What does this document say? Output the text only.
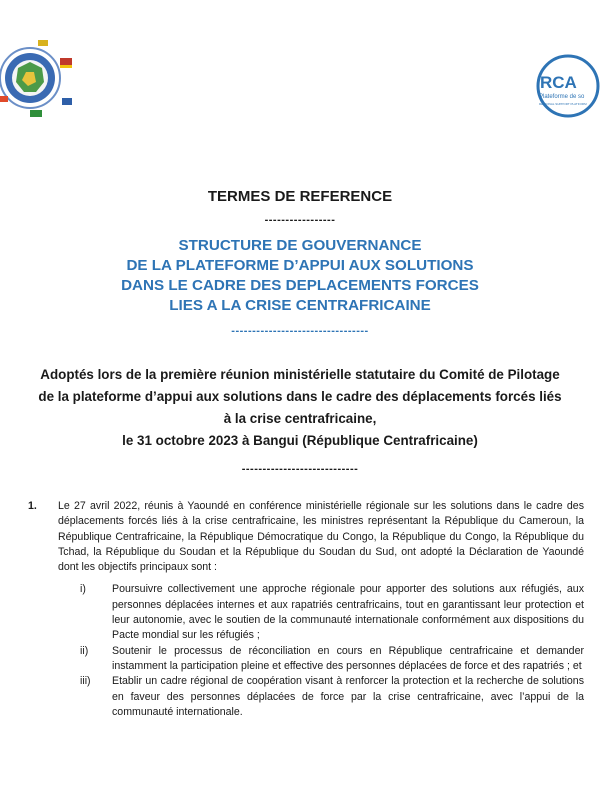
RCA
Plateforme de so
REGIONAL SUPPORT PLATFORM
TERMES DE REFERENCE
-----------------
STRUCTURE DE GOUVERNANCE
DE LA PLATEFORME D’APPUI AUX SOLUTIONS
DANS LE CADRE DES DEPLACEMENTS FORCES
LIES A LA CRISE CENTRAFRICAINE
---------------------------------
Adoptés lors de la première réunion ministérielle statutaire du Comité de Pilotage
de la plateforme d’appui aux solutions dans le cadre des déplacements forcés liés
à la crise centrafricaine,
le 31 octobre 2023 à Bangui (République Centrafricaine)
----------------------------
1.	Le 27 avril 2022, réunis à Yaoundé en conférence ministérielle régionale sur les solutions dans le cadre des déplacements forcés liés à la crise centrafricaine, les ministres représentant la République du Cameroun, la République Centrafricaine, la République Démocratique du Congo, la République du Congo, la République du Tchad, la République du Soudan et la République du Soudan du Sud, ont adopté la Déclaration de Yaoundé dont les objectifs principaux sont :
i)	Poursuivre collectivement une approche régionale pour apporter des solutions aux réfugiés, aux personnes déplacées internes et aux rapatriés centrafricains, tout en garantissant leur protection et leur autonomie, avec le soutien de la communauté internationale conformément aux dispositions du Pacte mondial sur les réfugiés ;
ii)	Soutenir le processus de réconciliation en cours en République centrafricaine et demander instamment la participation pleine et effective des personnes déplacées de force et des rapatriés ; et
iii)	Etablir un cadre régional de coopération visant à renforcer la protection et la recherche de solutions en faveur des personnes déplacées de force par la crise centrafricaine, avec l’appui de la communauté internationale.
